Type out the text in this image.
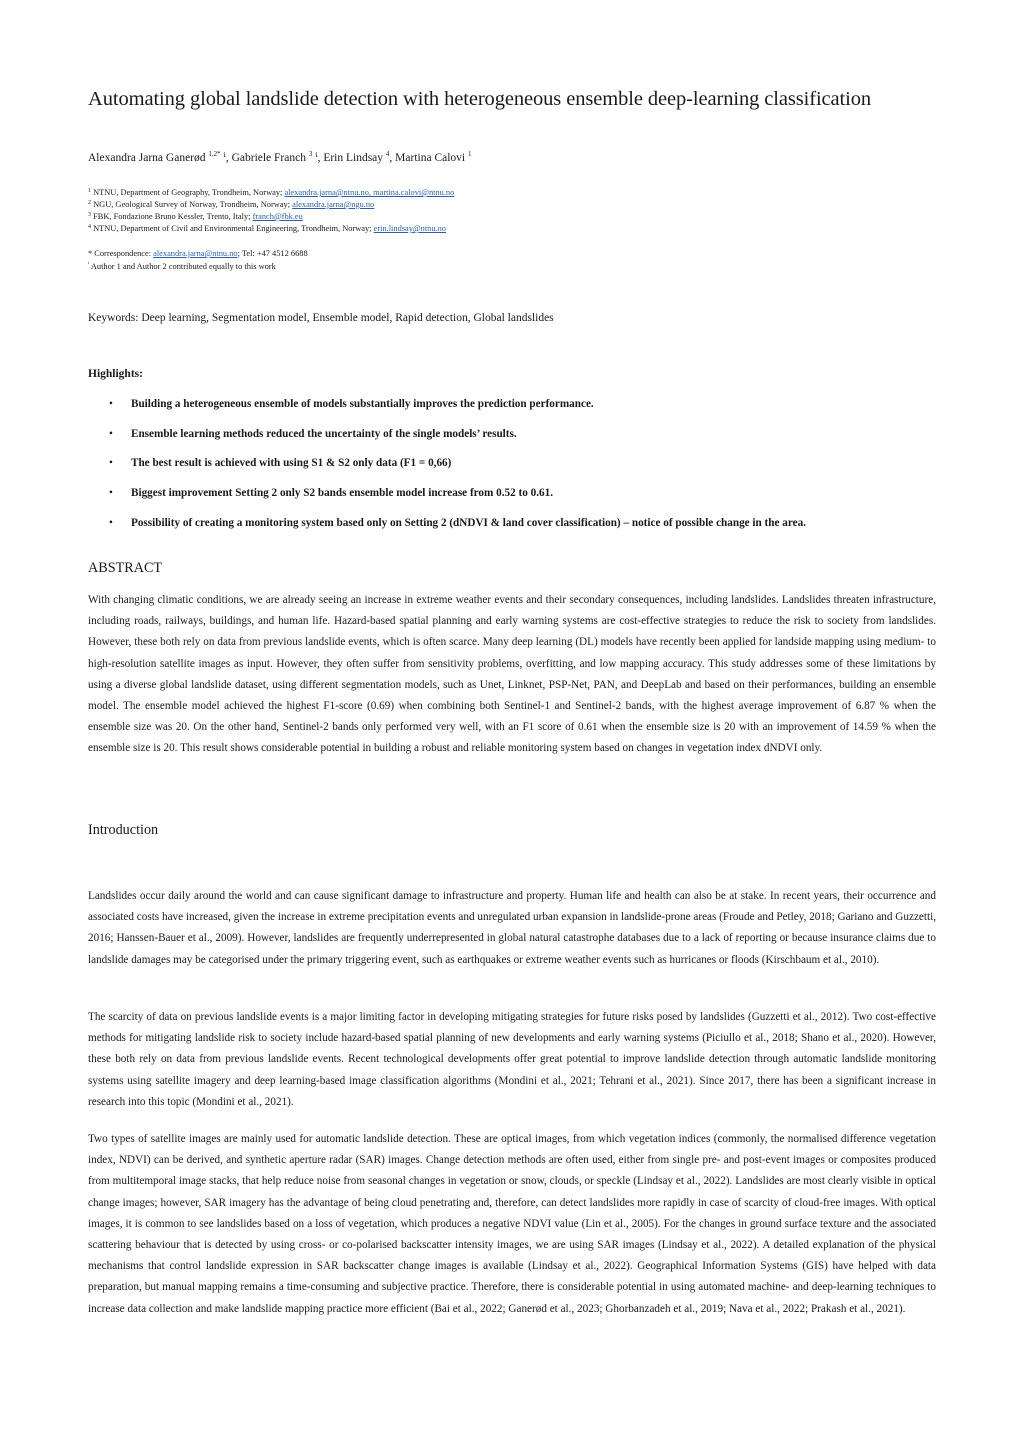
Automating global landslide detection with heterogeneous ensemble deep-learning classification
Alexandra Jarna Ganerød $^{1,2*}$ ⁱ, Gabriele Franch $^3$ ⁱ, Erin Lindsay $^4$, Martina Calovi $^1$
$^1$ NTNU, Department of Geography, Trondheim, Norway; alexandra.jarna@ntnu.no, martina.calovi@ntnu.no
$^2$ NGU, Geological Survey of Norway, Trondheim, Norway; alexandra.jarna@ngu.no
$^3$ FBK, Fondazione Bruno Kessler, Trento, Italy; franch@fbk.eu
$^4$ NTNU, Department of Civil and Environmental Engineering, Trondheim, Norway; erin.lindsay@ntnu.no
* Correspondence: alexandra.jarna@ntnu.no; Tel: +47 4512 6688
$^{^i}$ Author 1 and Author 2 contributed equally to this work
Keywords: Deep learning, Segmentation model, Ensemble model, Rapid detection, Global landslides
Highlights:
• Building a heterogeneous ensemble of models substantially improves the prediction performance.
• Ensemble learning methods reduced the uncertainty of the single models’ results.
• The best result is achieved with using S1 & S2 only data (F1 = 0,66)
• Biggest improvement Setting 2 only S2 bands ensemble model increase from 0.52 to 0.61.
• Possibility of creating a monitoring system based only on Setting 2 (dNDVI & land cover classification) – notice of possible change in the area.
ABSTRACT

With changing climatic conditions, we are already seeing an increase in extreme weather events and their secondary consequences, including landslides. Landslides threaten infrastructure, including roads, railways, buildings, and human life. Hazard-based spatial planning and early warning systems are cost-effective strategies to reduce the risk to society from landslides. However, these both rely on data from previous landslide events, which is often scarce. Many deep learning (DL) models have recently been applied for landside mapping using medium- to high-resolution satellite images as input. However, they often suffer from sensitivity problems, overfitting, and low mapping accuracy. This study addresses some of these limitations by using a diverse global landslide dataset, using different segmentation models, such as Unet, Linknet, PSP-Net, PAN, and DeepLab and based on their performances, building an ensemble model. The ensemble model achieved the highest F1-score (0.69) when combining both Sentinel-1 and Sentinel-2 bands, with the highest average improvement of 6.87 % when the ensemble size was 20. On the other hand, Sentinel-2 bands only performed very well, with an F1 score of 0.61 when the ensemble size is 20 with an improvement of 14.59 % when the ensemble size is 20. This result shows considerable potential in building a robust and reliable monitoring system based on changes in vegetation index dNDVI only.

Introduction

Landslides occur daily around the world and can cause significant damage to infrastructure and property. Human life and health can also be at stake. In recent years, their occurrence and associated costs have increased, given the increase in extreme precipitation events and unregulated urban expansion in landslide-prone areas (Froude and Petley, 2018; Gariano and Guzzetti, 2016; Hanssen-Bauer et al., 2009). However, landslides are frequently underrepresented in global natural catastrophe databases due to a lack of reporting or because insurance claims due to landslide damages may be categorised under the primary triggering event, such as earthquakes or extreme weather events such as hurricanes or floods (Kirschbaum et al., 2010).

The scarcity of data on previous landslide events is a major limiting factor in developing mitigating strategies for future risks posed by landslides (Guzzetti et al., 2012). Two cost-effective methods for mitigating landslide risk to society include hazard-based spatial planning of new developments and early warning systems (Piciullo et al., 2018; Shano et al., 2020). However, these both rely on data from previous landslide events. Recent technological developments offer great potential to improve landslide detection through automatic landslide monitoring systems using satellite imagery and deep learning-based image classification algorithms (Mondini et al., 2021; Tehrani et al., 2021). Since 2017, there has been a significant increase in research into this topic (Mondini et al., 2021).

Two types of satellite images are mainly used for automatic landslide detection. These are optical images, from which vegetation indices (commonly, the normalised difference vegetation index, NDVI) can be derived, and synthetic aperture radar (SAR) images. Change detection methods are often used, either from single pre- and post-event images or composites produced from multitemporal image stacks, that help reduce noise from seasonal changes in vegetation or snow, clouds, or speckle (Lindsay et al., 2022). Landslides are most clearly visible in optical change images; however, SAR imagery has the advantage of being cloud penetrating and, therefore, can detect landslides more rapidly in case of scarcity of cloud-free images. With optical images, it is common to see landslides based on a loss of vegetation, which produces a negative NDVI value (Lin et al., 2005). For the changes in ground surface texture and the associated scattering behaviour that is detected by using cross- or co-polarised backscatter intensity images, we are using SAR images (Lindsay et al., 2022). A detailed explanation of the physical mechanisms that control landslide expression in SAR backscatter change images is available (Lindsay et al., 2022). Geographical Information Systems (GIS) have helped with data preparation, but manual mapping remains a time-consuming and subjective practice. Therefore, there is considerable potential in using automated machine- and deep-learning techniques to increase data collection and make landslide mapping practice more efficient (Bai et al., 2022; Ganerød et al., 2023; Ghorbanzadeh et al., 2019; Nava et al., 2022; Prakash et al., 2021).
